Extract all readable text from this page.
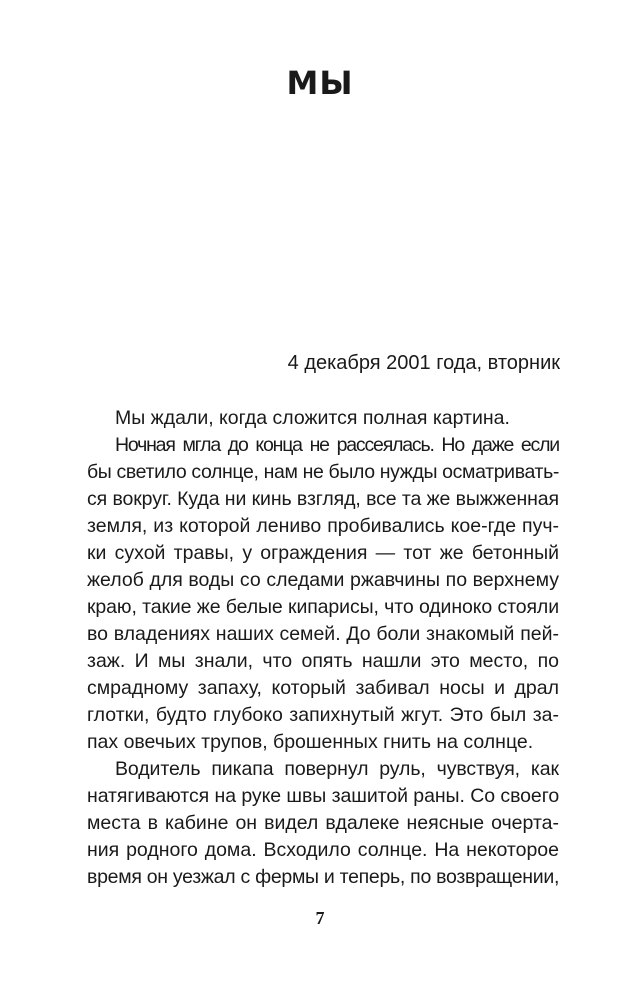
МЫ

4 декабря 2001 года, вторник

Мы ждали, когда сложится полная картина.
Ночная мгла до конца не рассеялась. Но даже если
бы светило солнце, нам не было нужды осматривать-
ся вокруг. Куда ни кинь взгляд, все та же выжженная
земля, из которой лениво пробивались кое-где пуч-
ки сухой травы, у ограждения — тот же бетонный
желоб для воды со следами ржавчины по верхнему
краю, такие же белые кипарисы, что одиноко стояли
во владениях наших семей. До боли знакомый пей-
заж. И мы знали, что опять нашли это место, по
смрадному запаху, который забивал носы и драл
глотки, будто глубоко запихнутый жгут. Это был за-
пах овечьих трупов, брошенных гнить на солнце.
Водитель пикапа повернул руль, чувствуя, как
натягиваются на руке швы зашитой раны. Со своего
места в кабине он видел вдалеке неясные очерта-
ния родного дома. Всходило солнце. На некоторое
время он уезжал с фермы и теперь, по возвращении,

7
